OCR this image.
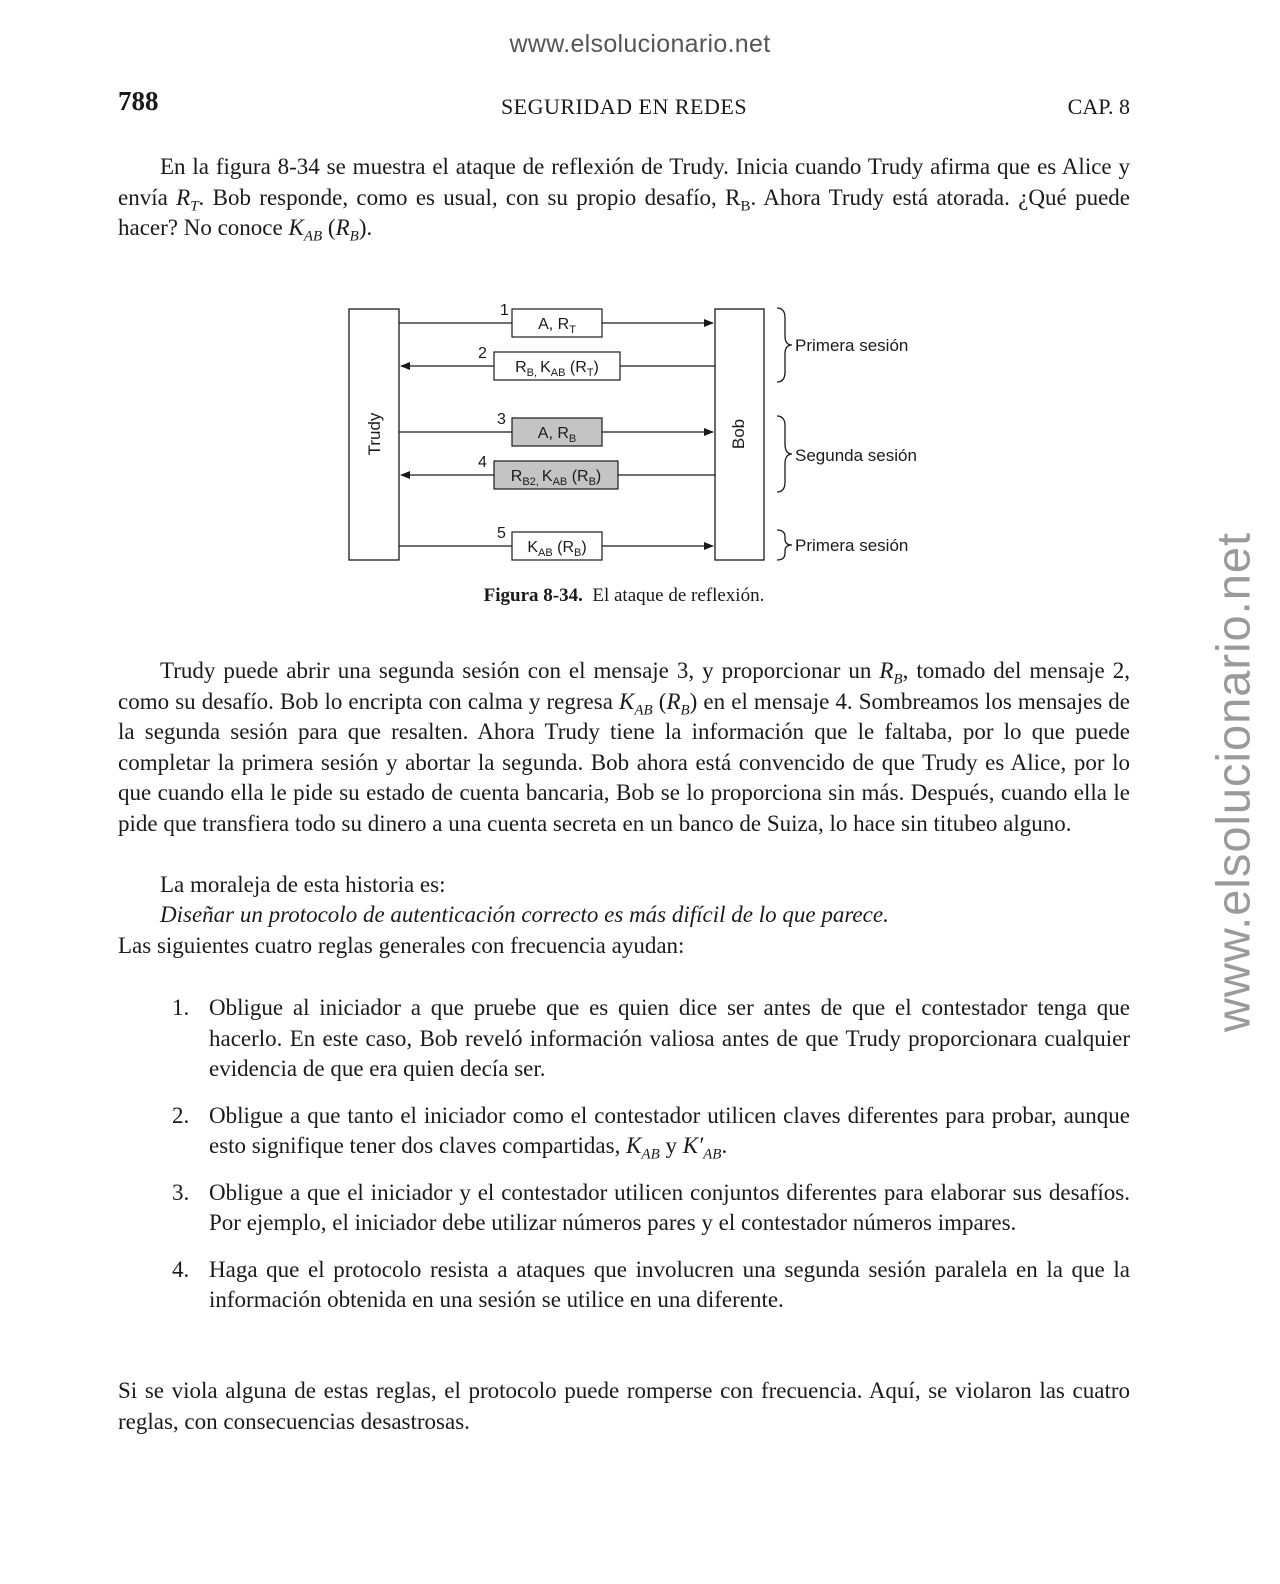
www.elsolucionario.net
www.elsolucionario.net
788	SEGURIDAD EN REDES	CAP. 8

En la figura 8-34 se muestra el ataque de reflexión de Trudy. Inicia cuando Trudy afirma que es Alice y envía $R_T$. Bob responde, como es usual, con su propio desafío, $R_B$. Ahora Trudy está atorada. ¿Qué puede hacer? No conoce $K_{AB}$ $(R_B)$.

Trudy	Bob
1
A, $R_T$
2
$R_{B,}$ $K_{AB}$ $(R_T)$
3
A, $R_B$
4
$R_{B2,}$ $K_{AB}$ $(R_B)$
5
$K_{AB}$ $(R_B)$
Primera sesión
Segunda sesión
Primera sesión
Figura 8-34. El ataque de reflexión.

Trudy puede abrir una segunda sesión con el mensaje 3, y proporcionar un $R_B$, tomado del mensaje 2, como su desafío. Bob lo encripta con calma y regresa $K_{AB}$ $(R_B)$ en el mensaje 4. Sombreamos los mensajes de la segunda sesión para que resalten. Ahora Trudy tiene la información que le faltaba, por lo que puede completar la primera sesión y abortar la segunda. Bob ahora está convencido de que Trudy es Alice, por lo que cuando ella le pide su estado de cuenta bancaria, Bob se lo proporciona sin más. Después, cuando ella le pide que transfiera todo su dinero a una cuenta secreta en un banco de Suiza, lo hace sin titubeo alguno.

La moraleja de esta historia es:

Diseñar un protocolo de autenticación correcto es más difícil de lo que parece.

Las siguientes cuatro reglas generales con frecuencia ayudan:

1. Obligue al iniciador a que pruebe que es quien dice ser antes de que el contestador tenga que hacerlo. En este caso, Bob reveló información valiosa antes de que Trudy proporcionara cualquier evidencia de que era quien decía ser.
2. Obligue a que tanto el iniciador como el contestador utilicen claves diferentes para probar, aunque esto signifique tener dos claves compartidas, $K_{AB}$ y $K'_{AB}$.
3. Obligue a que el iniciador y el contestador utilicen conjuntos diferentes para elaborar sus desafíos. Por ejemplo, el iniciador debe utilizar números pares y el contestador números impares.
4. Haga que el protocolo resista a ataques que involucren una segunda sesión paralela en la que la información obtenida en una sesión se utilice en una diferente.

Si se viola alguna de estas reglas, el protocolo puede romperse con frecuencia. Aquí, se violaron las cuatro reglas, con consecuencias desastrosas.
